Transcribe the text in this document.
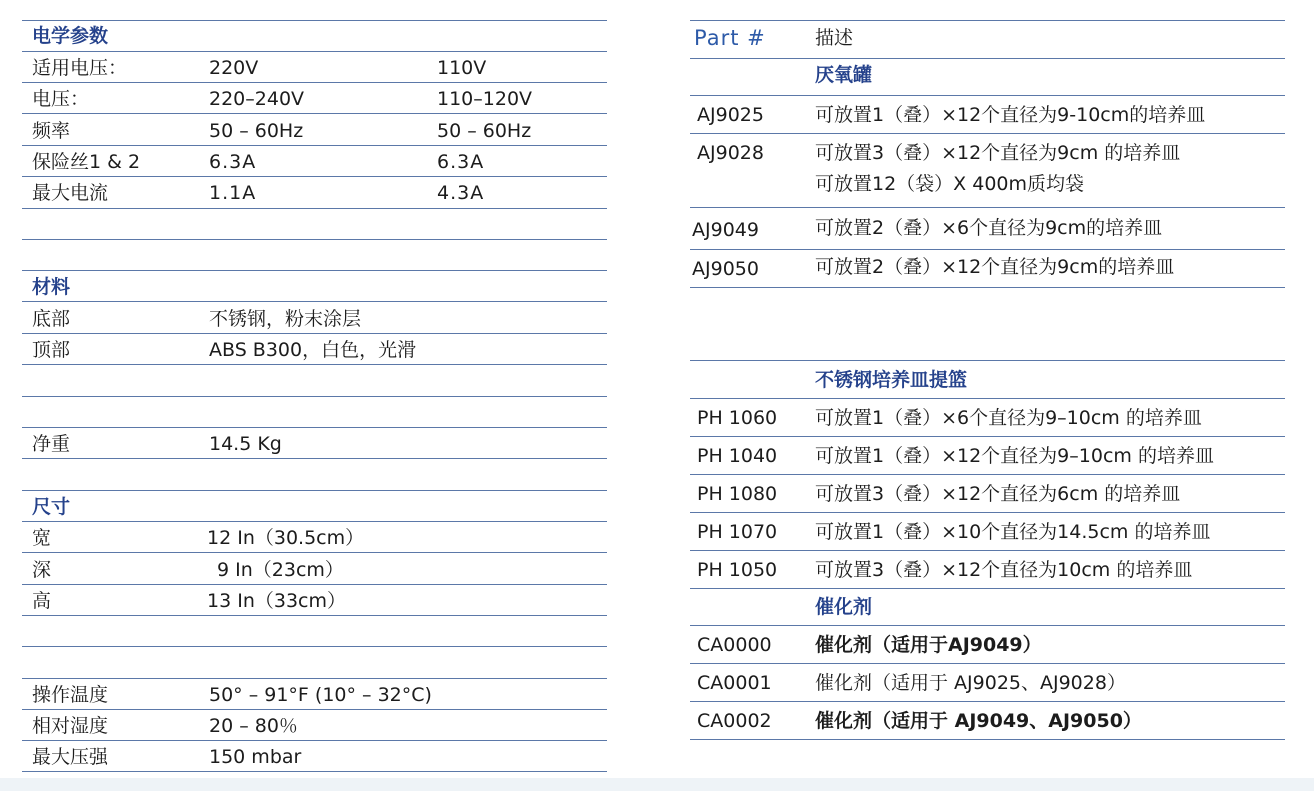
电学参数
适用电压：	220V	110V
电压：	220–240V	110–120V
频率	50 – 60Hz	50 – 60Hz
保险丝1 & 2	6.3A	6.3A
最大电流	1.1A	4.3A
材料
底部	不锈钢，粉末涂层
顶部	ABS B300，白色，光滑
净重	14.5 Kg
尺寸
宽	12 In（30.5cm）
深	9 In（23cm）
高	13 In（33cm）
操作温度	50° – 91°F (10° – 32°C)
相对湿度	20 – 80％
最大压强	150 mbar
Part #	描述
厌氧罐
AJ9025	可放置1（叠）×12个直径为9-10cm的培养皿
AJ9028	可放置3（叠）×12个直径为9cm 的培养皿
可放置12（袋）X 400m质均袋
AJ9049	可放置2（叠）×6个直径为9cm的培养皿
AJ9050	可放置2（叠）×12个直径为9cm的培养皿
不锈钢培养皿提篮
PH 1060 可放置1（叠）×6个直径为9–10cm 的培养皿
PH 1040 可放置1（叠）×12个直径为9–10cm 的培养皿
PH 1080 可放置3（叠）×12个直径为6cm 的培养皿
PH 1070 可放置1（叠）×10个直径为14.5cm 的培养皿
PH 1050 可放置3（叠）×12个直径为10cm 的培养皿
催化剂
CA0000 催化剂（适用于AJ9049）
CA0001 催化剂（适用于 AJ9025、AJ9028）
CA0002 催化剂（适用于 AJ9049、AJ9050）
